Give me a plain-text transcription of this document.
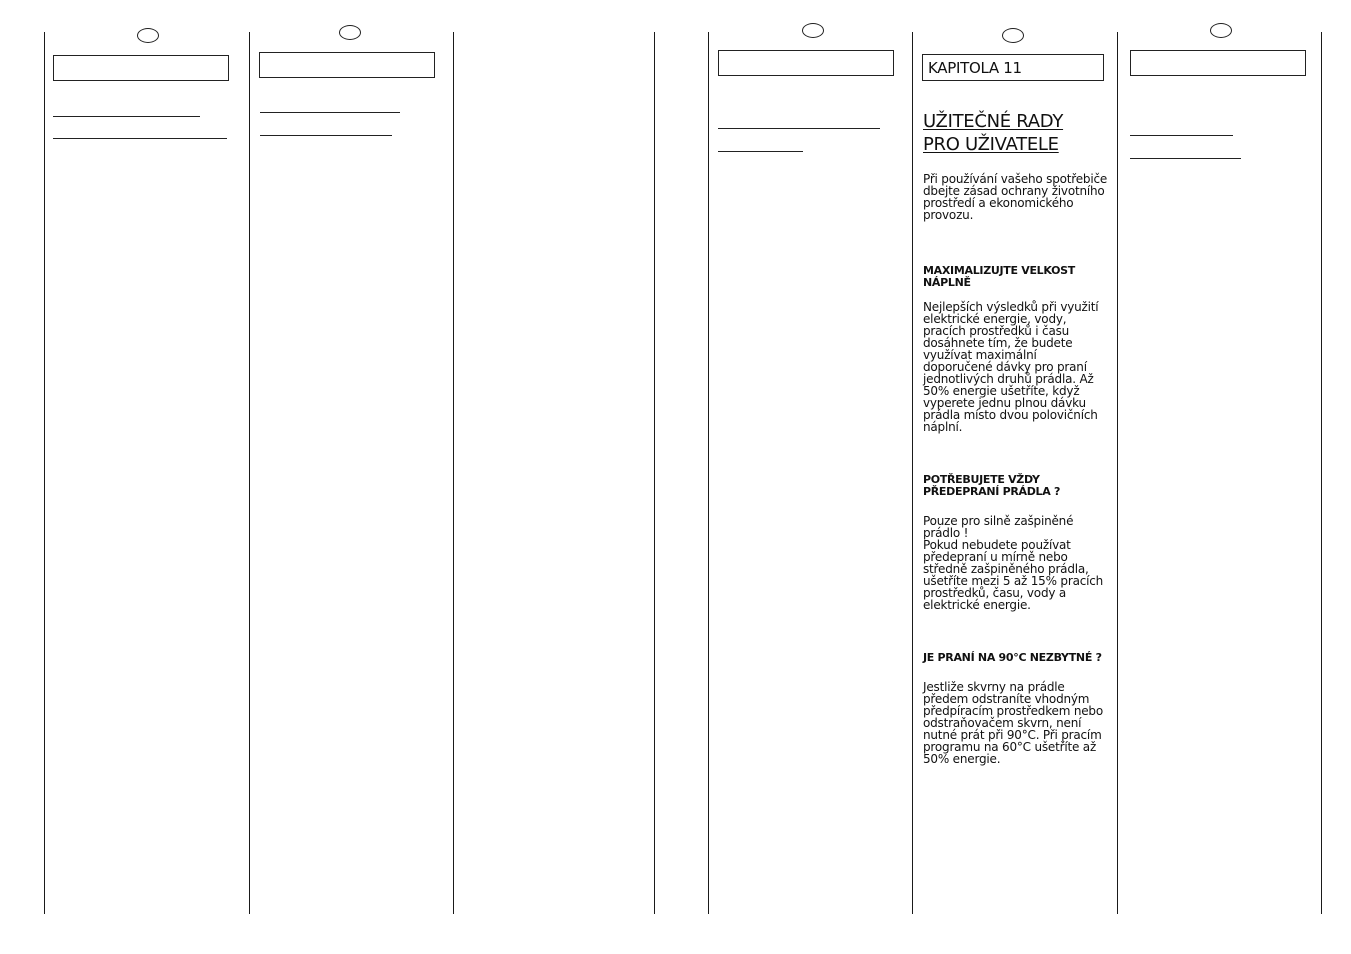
KAPITOLA 11
UŽITEČNÉ RADY
PRO UŽIVATELE

Při používání vašeho spotřebiče dbejte zásad ochrany životního prostředí a ekonomického provozu.

MAXIMALIZUJTE VELKOST NÁPLNĚ

Nejlepších výsledků při využití elektrické energie, vody, pracích prostředků i času dosáhnete tím, že budete využívat maximální doporučené dávky pro praní jednotlivých druhů prádla. Až 50% energie ušetříte, když vyperete jednu plnou dávku prádla místo dvou polovičních náplní.

POTŘEBUJETE VŽDY PŘEDEPRANÍ PRÁDLA ?

Pouze pro silně zašpiněné prádlo !

Pokud nebudete používat předepraní u mírně nebo středně zašpiněného prádla, ušetříte mezi 5 až 15% pracích prostředků, času, vody a elektrické energie.

JE PRANÍ NA 90°C NEZBYTNÉ ?

Jestliže skvrny na prádle předem odstraníte vhodným předpíracím prostředkem nebo odstraňovačem skvrn, není nutné prát při 90°C. Při pracím programu na 60°C ušetříte až 50% energie.
